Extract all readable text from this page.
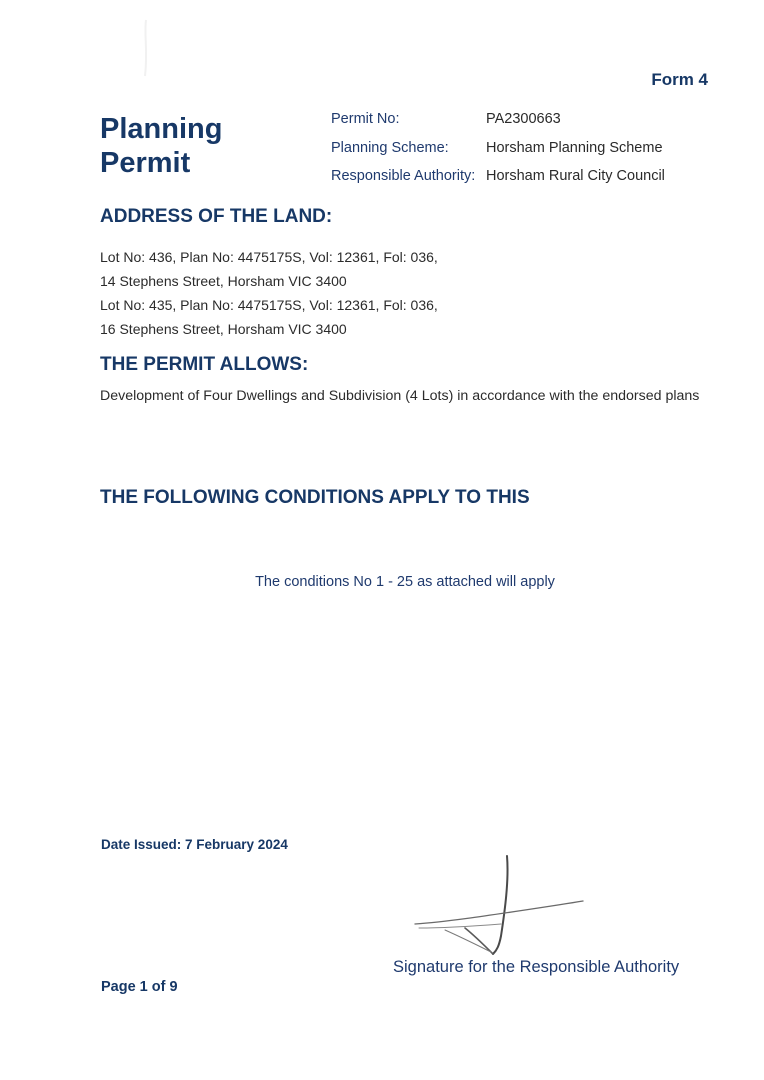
Form 4
Planning
Permit
Permit No:	PA2300663
Planning Scheme:	Horsham Planning Scheme
Responsible Authority: Horsham Rural City Council
ADDRESS OF THE LAND:
Lot No: 436, Plan No: 4475175S, Vol: 12361, Fol: 036,
14 Stephens Street, Horsham VIC 3400
Lot No: 435, Plan No: 4475175S, Vol: 12361, Fol: 036,
16 Stephens Street, Horsham VIC 3400
THE PERMIT ALLOWS:
Development of Four Dwellings and Subdivision (4 Lots) in accordance with the endorsed plans
THE FOLLOWING CONDITIONS APPLY TO THIS
The conditions No 1 - 25 as attached will apply
Date Issued: 7 February 2024
Signature for the Responsible Authority
Page 1 of 9
